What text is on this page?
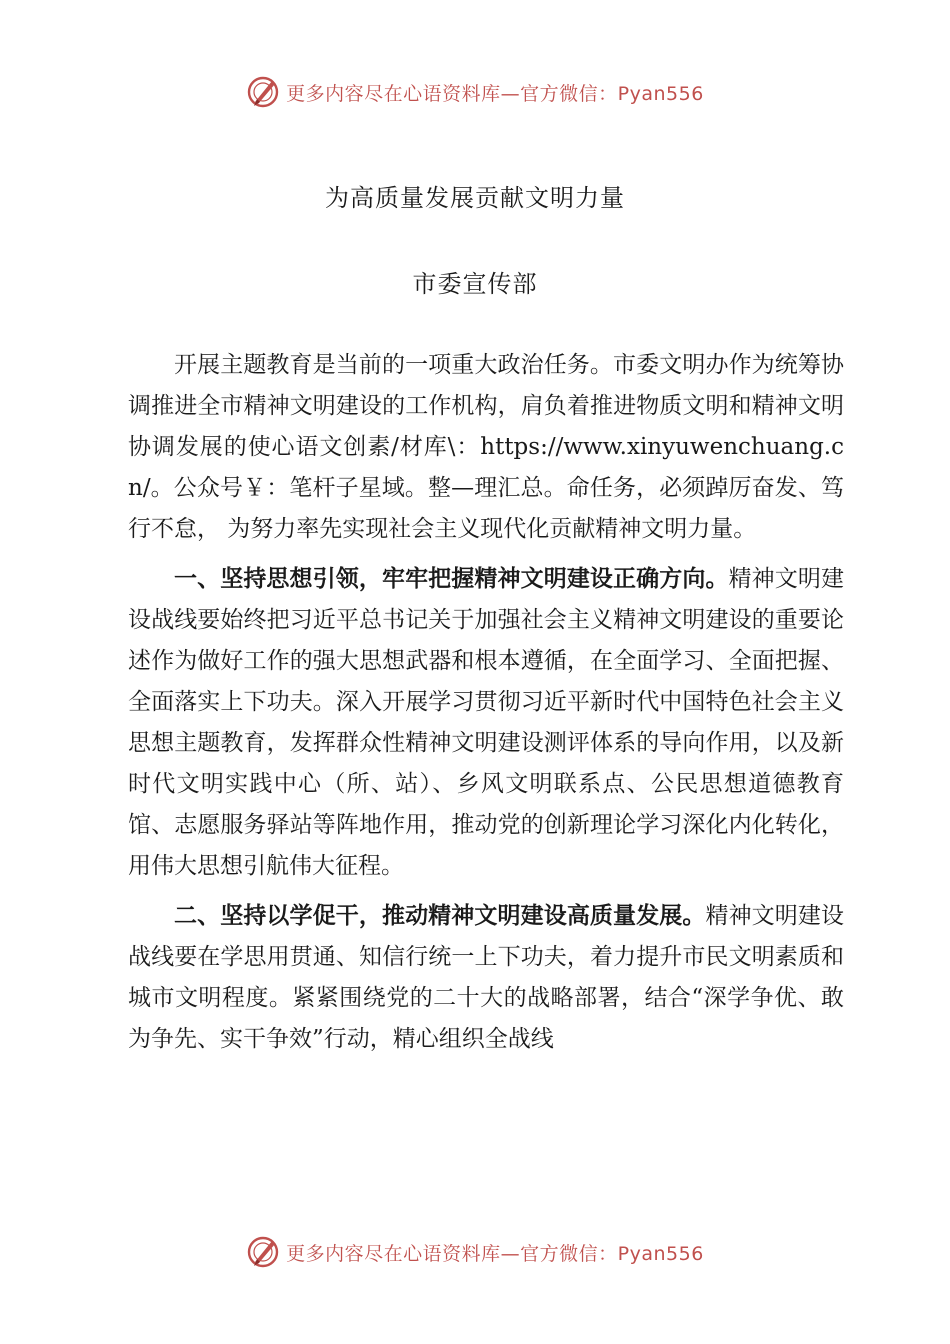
更多内容尽在心语资料库—官方微信：Pyan556
为高质量发展贡献文明力量
市委宣传部

开展主题教育是当前的一项重大政治任务。市委文明办作为统筹协调推进全市精神文明建设的工作机构，肩负着推进物质文明和精神文明协调发展的使心语文创素/材库\：https://www.xinyuwenchuang.cn/。公众号￥：笔杆子星域。整—理汇总。命任务，必须踔厉奋发、笃行不怠， 为努力率先实现社会主义现代化贡献精神文明力量。

一、坚持思想引领，牢牢把握精神文明建设正确方向。精神文明建设战线要始终把习近平总书记关于加强社会主义精神文明建设的重要论述作为做好工作的强大思想武器和根本遵循，在全面学习、全面把握、全面落实上下功夫。深入开展学习贯彻习近平新时代中国特色社会主义思想主题教育，发挥群众性精神文明建设测评体系的导向作用，以及新时代文明实践中心（所、站）、乡风文明联系点、公民思想道德教育馆、志愿服务驿站等阵地作用，推动党的创新理论学习深化内化转化，用伟大思想引航伟大征程。

二、坚持以学促干，推动精神文明建设高质量发展。精神文明建设战线要在学思用贯通、知信行统一上下功夫，着力提升市民文明素质和城市文明程度。紧紧围绕党的二十大的战略部署，结合“深学争优、敢为争先、实干争效”行动，精心组织全战线

更多内容尽在心语资料库—官方微信：Pyan556
